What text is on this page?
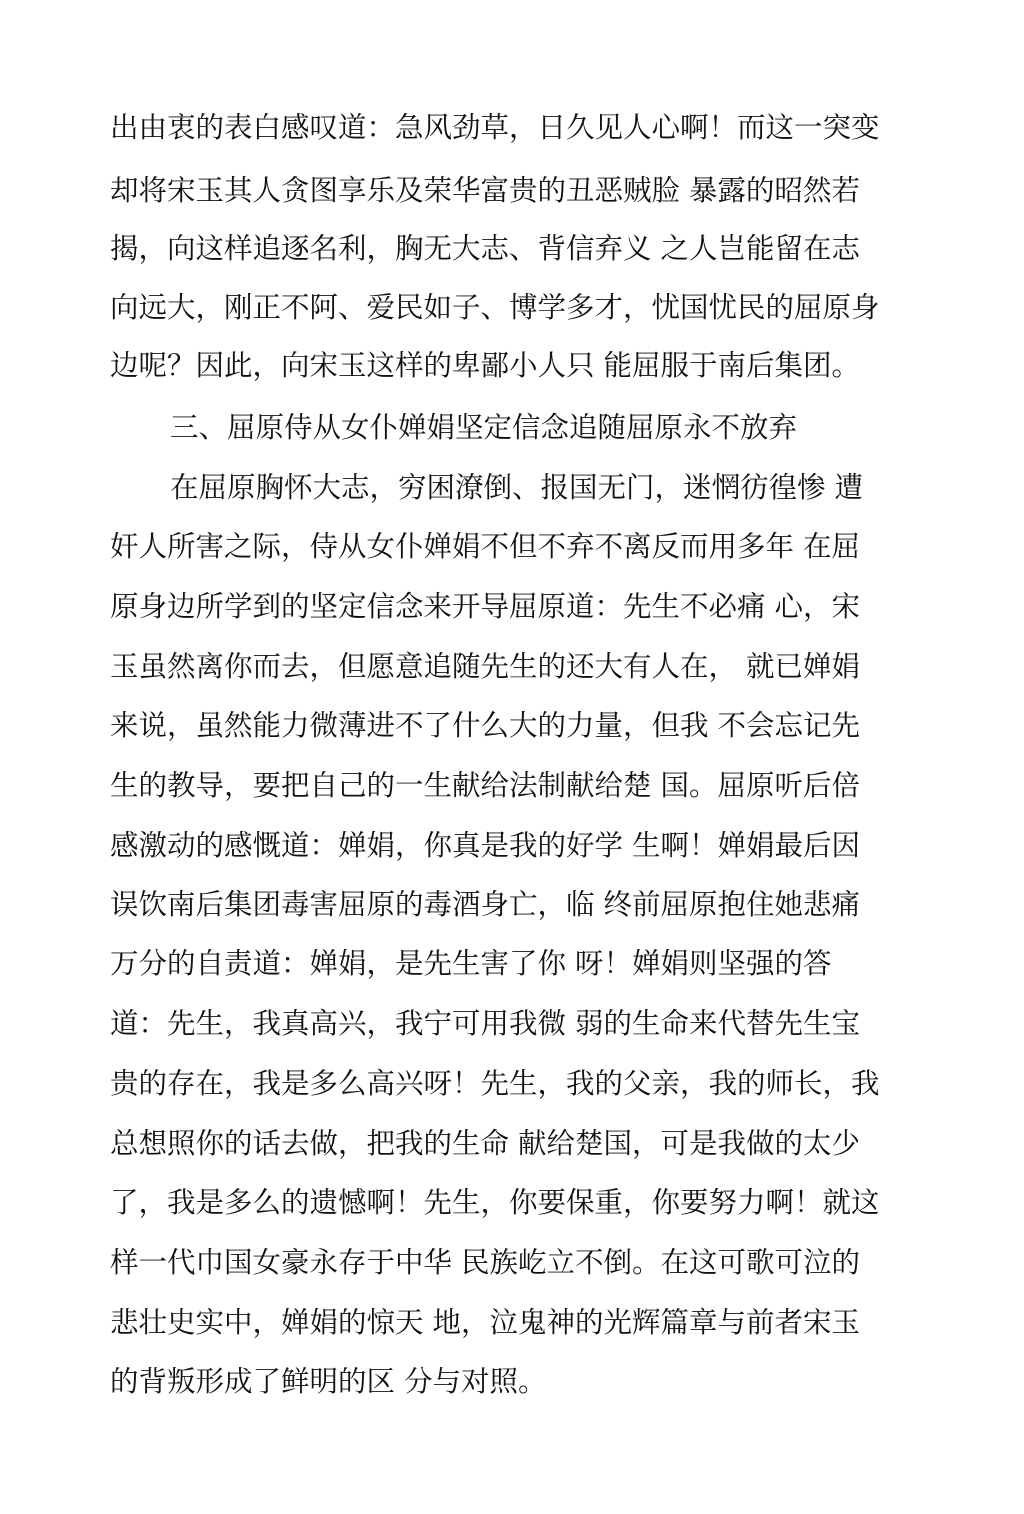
出由衷的表白感叹道：急风劲草，日久见人心啊！而这一突变
却将宋玉其人贪图享乐及荣华富贵的丑恶贼脸 暴露的昭然若
揭，向这样追逐名利，胸无大志、背信弃义 之人岂能留在志
向远大，刚正不阿、爱民如子、博学多才，忧国忧民的屈原身
边呢？因此，向宋玉这样的卑鄙小人只 能屈服于南后集团。
三、屈原侍从女仆婵娟坚定信念追随屈原永不放弃
在屈原胸怀大志，穷困潦倒、报国无门，迷惘彷徨惨 遭
奸人所害之际，侍从女仆婵娟不但不弃不离反而用多年 在屈
原身边所学到的坚定信念来开导屈原道：先生不必痛 心，宋
玉虽然离你而去，但愿意追随先生的还大有人在， 就已婵娟
来说，虽然能力微薄进不了什么大的力量，但我 不会忘记先
生的教导，要把自己的一生献给法制献给楚 国。屈原听后倍
感激动的感慨道：婵娟，你真是我的好学 生啊！婵娟最后因
误饮南后集团毒害屈原的毒酒身亡，临 终前屈原抱住她悲痛
万分的自责道：婵娟，是先生害了你 呀！婵娟则坚强的答
道：先生，我真高兴，我宁可用我微 弱的生命来代替先生宝
贵的存在，我是多么高兴呀！先生，我的父亲，我的师长，我
总想照你的话去做，把我的生命 献给楚国，可是我做的太少
了，我是多么的遗憾啊！先生，你要保重，你要努力啊！就这
样一代巾国女豪永存于中华 民族屹立不倒。在这可歌可泣的
悲壮史实中，婵娟的惊天 地，泣鬼神的光辉篇章与前者宋玉
的背叛形成了鲜明的区 分与对照。
